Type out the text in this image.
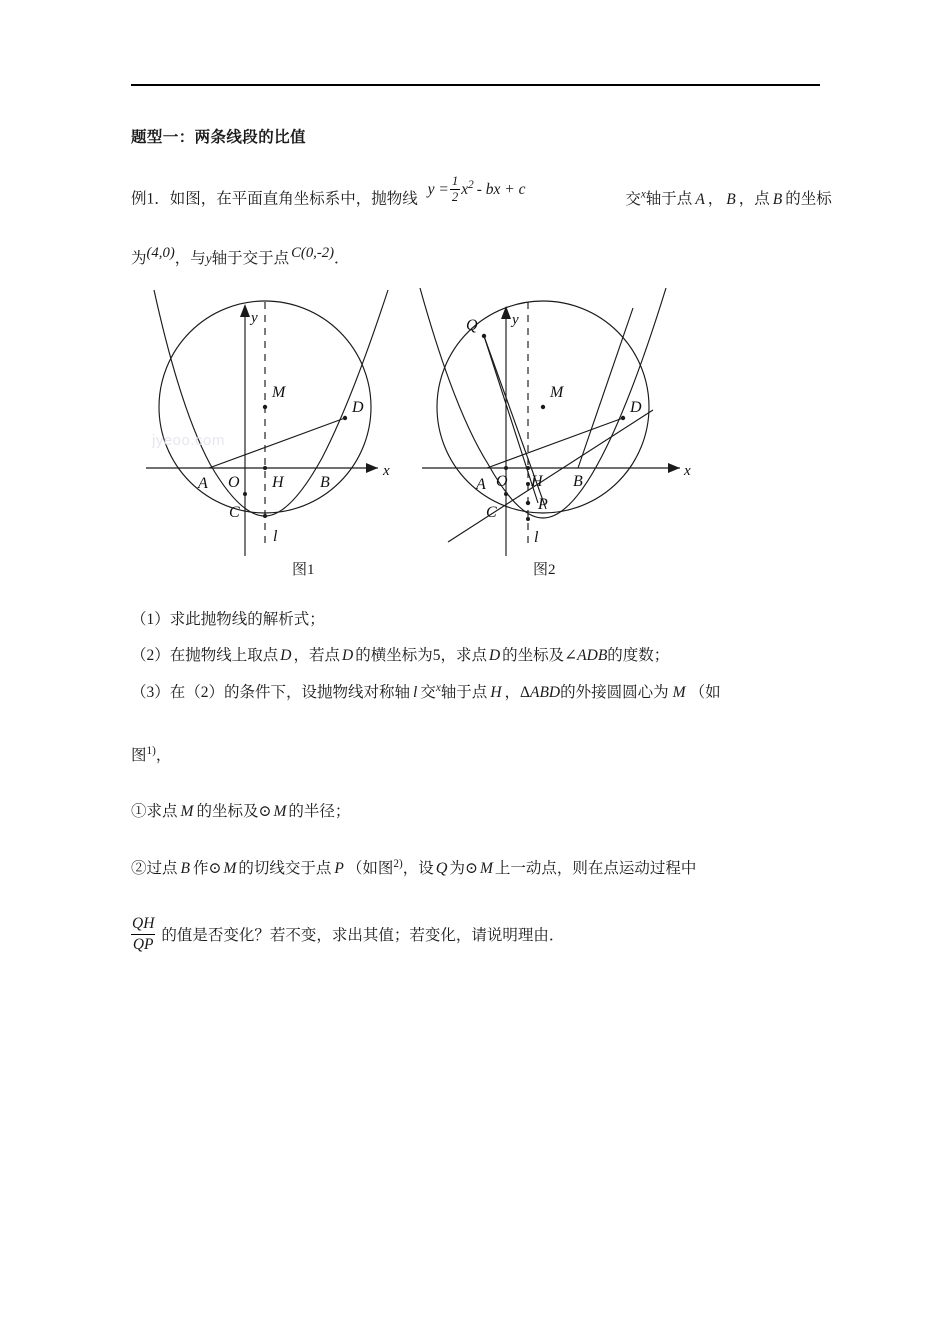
题型一：两条线段的比值
例1．如图，在平面直角坐标系中，抛物线 $y = \frac{1}{2} x^2$ - bx + c 交$^x$轴于点 A ， B ，点 B 的坐标
为(4,0)，与y轴于交于点 C(0,-2)．
y
x
A O H B
M
D
C
l
jyeoo.com
图1
y
x
Q
A O H B
M
D
C	P
l
图2
（1）求此抛物线的解析式；
（2）在抛物线上取点 D ，若点 D 的横坐标为5，求点 D 的坐标及∠ADB的度数；
（3）在（2）的条件下，设抛物线对称轴 l 交$^x$轴于点 H ，ΔABD的外接圆圆心为 M （如
图$^{1)}$，
①求点 M 的坐标及⊙ M 的半径；
②过点 B 作⊙ M 的切线交于点 P （如图$^{2)}$，设 Q 为⊙ M 上一动点，则在点运动过程中
$\frac{QH}{QP}$ 的值是否变化？若不变，求出其值；若变化，请说明理由．
